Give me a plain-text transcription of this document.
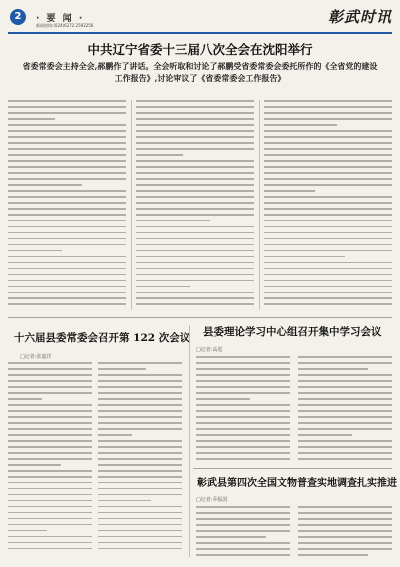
2	· 要 闻 ·
新闻热线:(024)6272 2592256	彰武时讯
中共辽宁省委十三届八次全会在沈阳举行
省委常委会主持全会,郝鹏作了讲话。全会听取和讨论了郝鹏受省委常委会委托所作的《全省党的建设工作报告》,讨论审议了《省委常委会工作报告》
十六届县委常委会召开第 122 次会议
□记者:张嘉洋
县委理论学习中心组召开集中学习会议
□记者:高进
彰武县第四次全国文物普查实地调查扎实推进
□记者:乔振国
